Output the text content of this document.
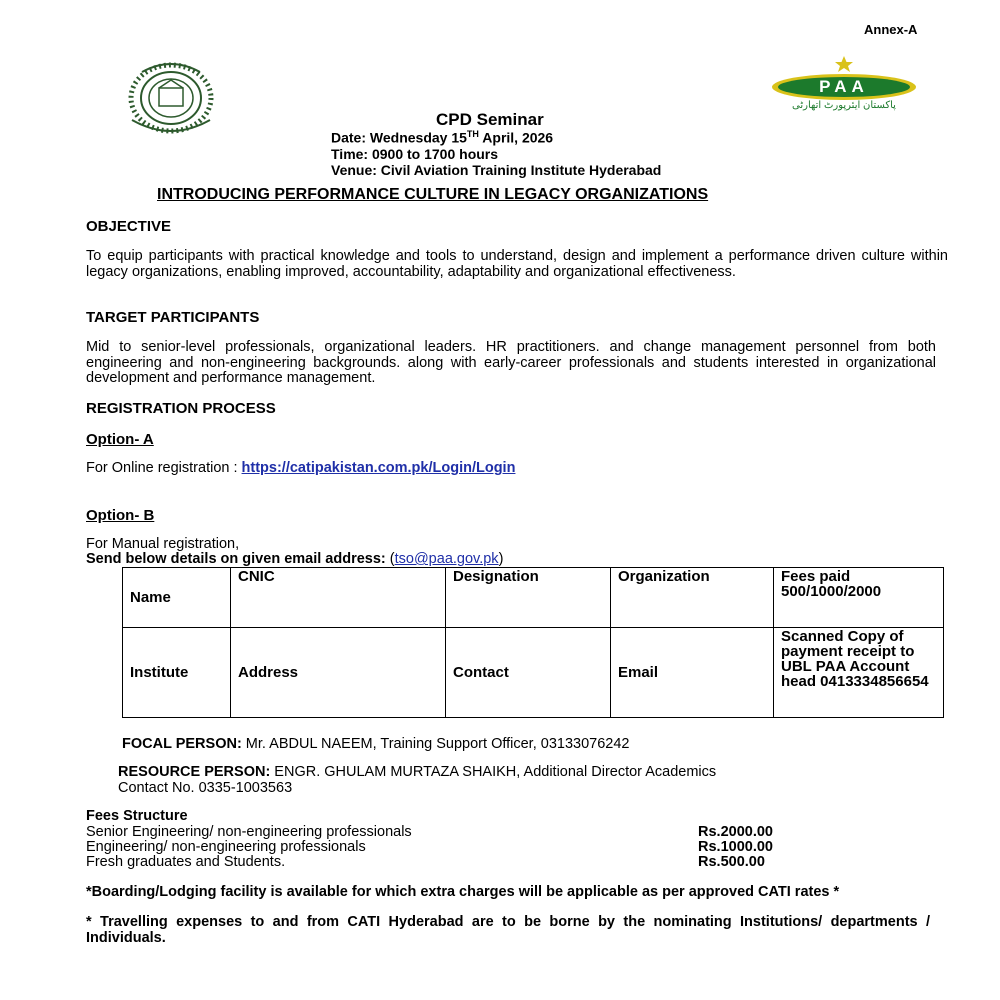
Annex-A
PAA
پاکستان ایئرپورٹ اتھارٹی
CPD Seminar
Date: Wednesday 15TH April, 2026
Time: 0900 to 1700 hours
Venue: Civil Aviation Training Institute Hyderabad
INTRODUCING PERFORMANCE CULTURE IN LEGACY ORGANIZATIONS
OBJECTIVE
To equip participants with practical knowledge and tools to understand, design and implement a performance driven culture within legacy organizations, enabling improved, accountability, adaptability and organizational effectiveness.
TARGET PARTICIPANTS
Mid to senior-level professionals, organizational leaders. HR practitioners. and change management personnel from both engineering and non-engineering backgrounds. along with early-career professionals and students interested in organizational development and performance management.
REGISTRATION PROCESS
Option- A
For Online registration : https://catipakistan.com.pk/Login/Login
Option- B
For Manual registration,
Send below details on given email address: (tso@paa.gov.pk)
Name	CNIC	Designation	Organization	Fees paid 500/1000/2000
Institute	Address	Contact	Email	Scanned Copy of payment receipt to UBL PAA Account head 0413334856654
FOCAL PERSON: Mr. ABDUL NAEEM, Training Support Officer, 03133076242
RESOURCE PERSON: ENGR. GHULAM MURTAZA SHAIKH, Additional Director Academics
Contact No. 0335-1003563
Fees Structure
Senior Engineering/ non-engineering professionals	Rs.2000.00
Engineering/ non-engineering professionals	Rs.1000.00
Fresh graduates and Students.	Rs.500.00
*Boarding/Lodging facility is available for which extra charges will be applicable as per approved CATI rates *
* Travelling expenses to and from CATI Hyderabad are to be borne by the nominating Institutions/ departments / Individuals.
